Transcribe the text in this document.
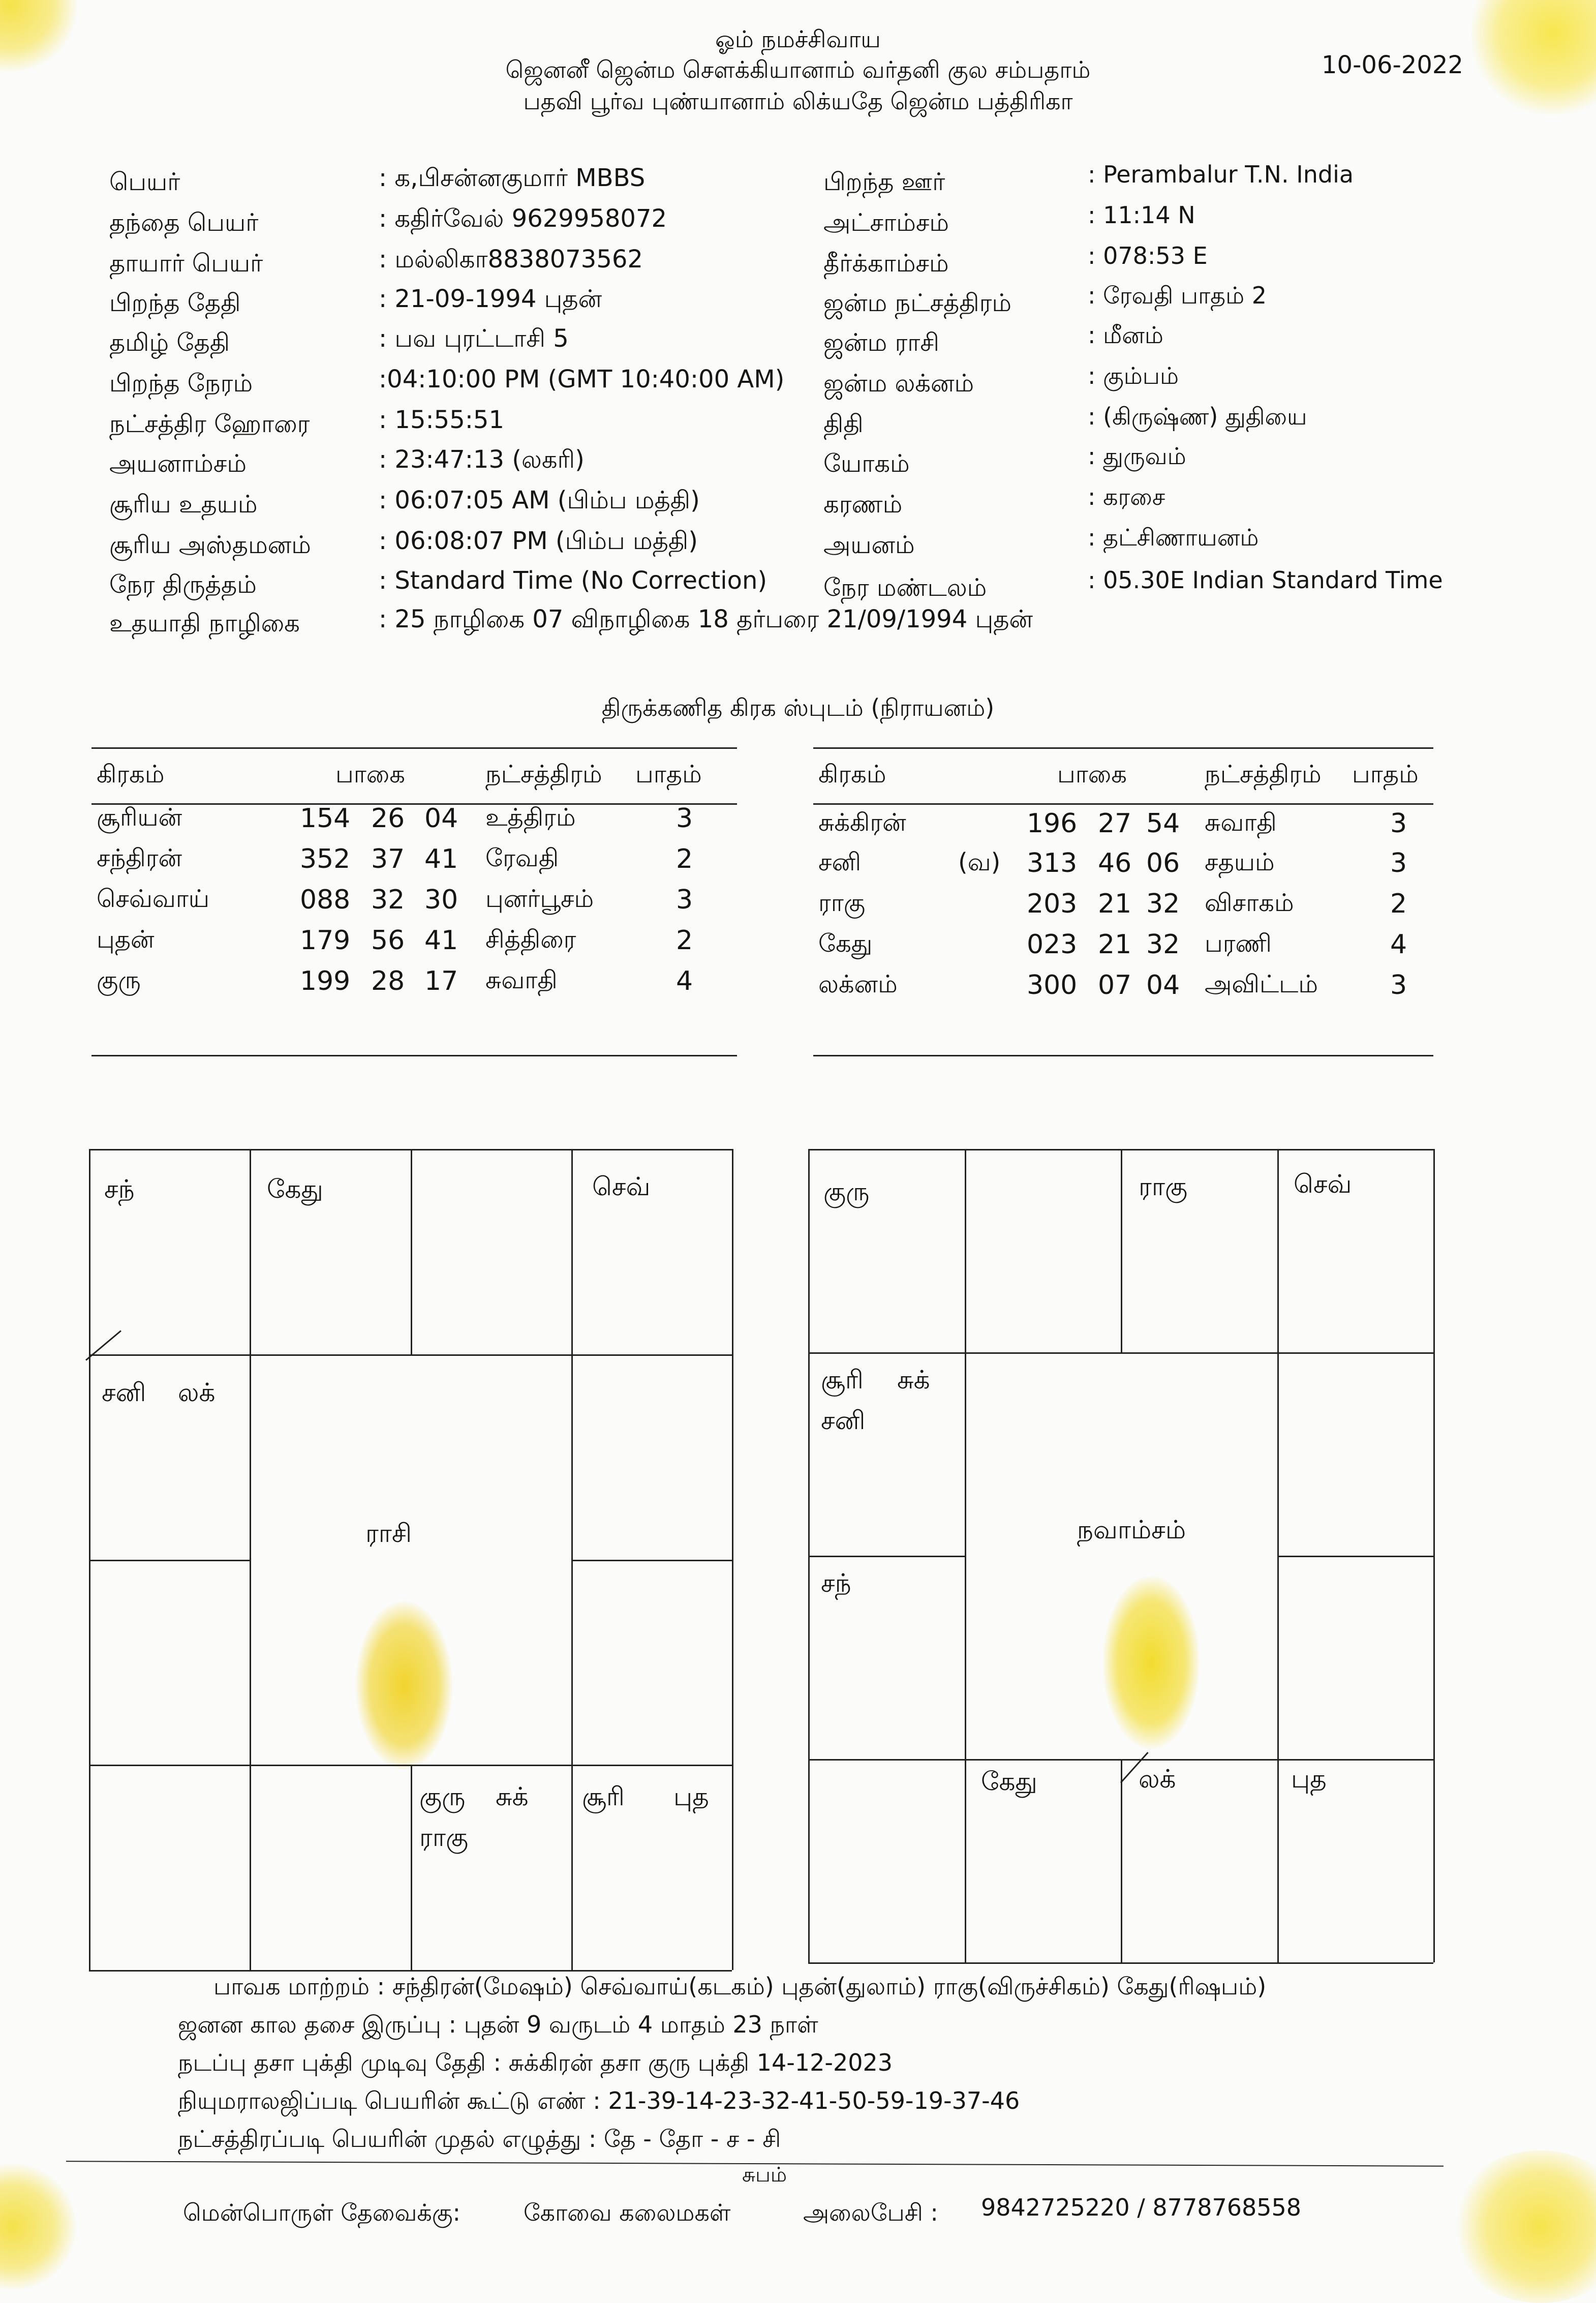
ஓம் நமச்சிவாய
ஜெனனீ ஜென்ம சௌக்கியானாம் வர்தனி குல சம்பதாம்
பதவி பூர்வ புண்யானாம் லிக்யதே ஜென்ம பத்திரிகா
10-06-2022
பெயர்	: க,பிசன்னகுமார் MBBS
தந்தை பெயர்	: கதிர்வேல் 9629958072
தாயார் பெயர்	: மல்லிகா8838073562
பிறந்த தேதி	: 21-09-1994 புதன்
தமிழ் தேதி	: பவ புரட்டாசி 5
பிறந்த நேரம்	:04:10:00 PM (GMT 10:40:00 AM)
நட்சத்திர ஹோரை	: 15:55:51
அயனாம்சம்	: 23:47:13 (லகரி)
சூரிய உதயம்	: 06:07:05 AM (பிம்ப மத்தி)
சூரிய அஸ்தமனம்	: 06:08:07 PM (பிம்ப மத்தி)
நேர திருத்தம்	: Standard Time (No Correction)
உதயாதி நாழிகை	: 25 நாழிகை 07 விநாழிகை 18 தர்பரை 21/09/1994 புதன்
பிறந்த ஊர்	: Perambalur T.N. India
அட்சாம்சம்	: 11:14 N
தீர்க்காம்சம்	: 078:53 E
ஜன்ம நட்சத்திரம்	: ரேவதி பாதம் 2
ஜன்ம ராசி	: மீனம்
ஜன்ம லக்னம்	: கும்பம்
திதி	: (கிருஷ்ண) துதியை
யோகம்	: துருவம்
கரணம்	: கரசை
அயனம்	: தட்சிணாயனம்
நேர மண்டலம்	: 05.30E Indian Standard Time
திருக்கணித கிரக ஸ்புடம் (நிராயனம்)
கிரகம்	பாகை	நட்சத்திரம் பாதம்
சூரியன்	154 26 04 உத்திரம்	3
சந்திரன்	352 37 41 ரேவதி	2
செவ்வாய்	088 32 30 புனர்பூசம்	3
புதன்	179 56 41 சித்திரை	2
குரு	199 28 17 சுவாதி	4
கிரகம்	பாகை	நட்சத்திரம் பாதம்
சுக்கிரன்	196 27 54 சுவாதி	3
சனி	(வ) 313 46 06 சதயம்	3
ராகு	203 21 32 விசாகம்	2
கேது	023 21 32 பரணி	4
லக்னம்	300 07 04 அவிட்டம்	3
ராசி
சந்	கேது	செவ்
சனி லக்
குரு சுக்
ராகு
சூரி புத
நவாம்சம்
குரு	ராகு	செவ்
சூரி சுக்
சனி
சந்
கேது	லக்	புத
பாவக மாற்றம் : சந்திரன்(மேஷம்) செவ்வாய்(கடகம்) புதன்(துலாம்) ராகு(விருச்சிகம்) கேது(ரிஷபம்)
ஜனன கால தசை இருப்பு : புதன் 9 வருடம் 4 மாதம் 23 நாள்
நடப்பு தசா புக்தி முடிவு தேதி : சுக்கிரன் தசா குரு புக்தி 14-12-2023
நியுமராலஜிப்படி பெயரின் கூட்டு எண் : 21-39-14-23-32-41-50-59-19-37-46
நட்சத்திரப்படி பெயரின் முதல் எழுத்து : தே - தோ - ச - சி
சுபம்
மென்பொருள் தேவைக்கு:	கோவை கலைமகள்	அலைபேசி : 9842725220 / 8778768558
